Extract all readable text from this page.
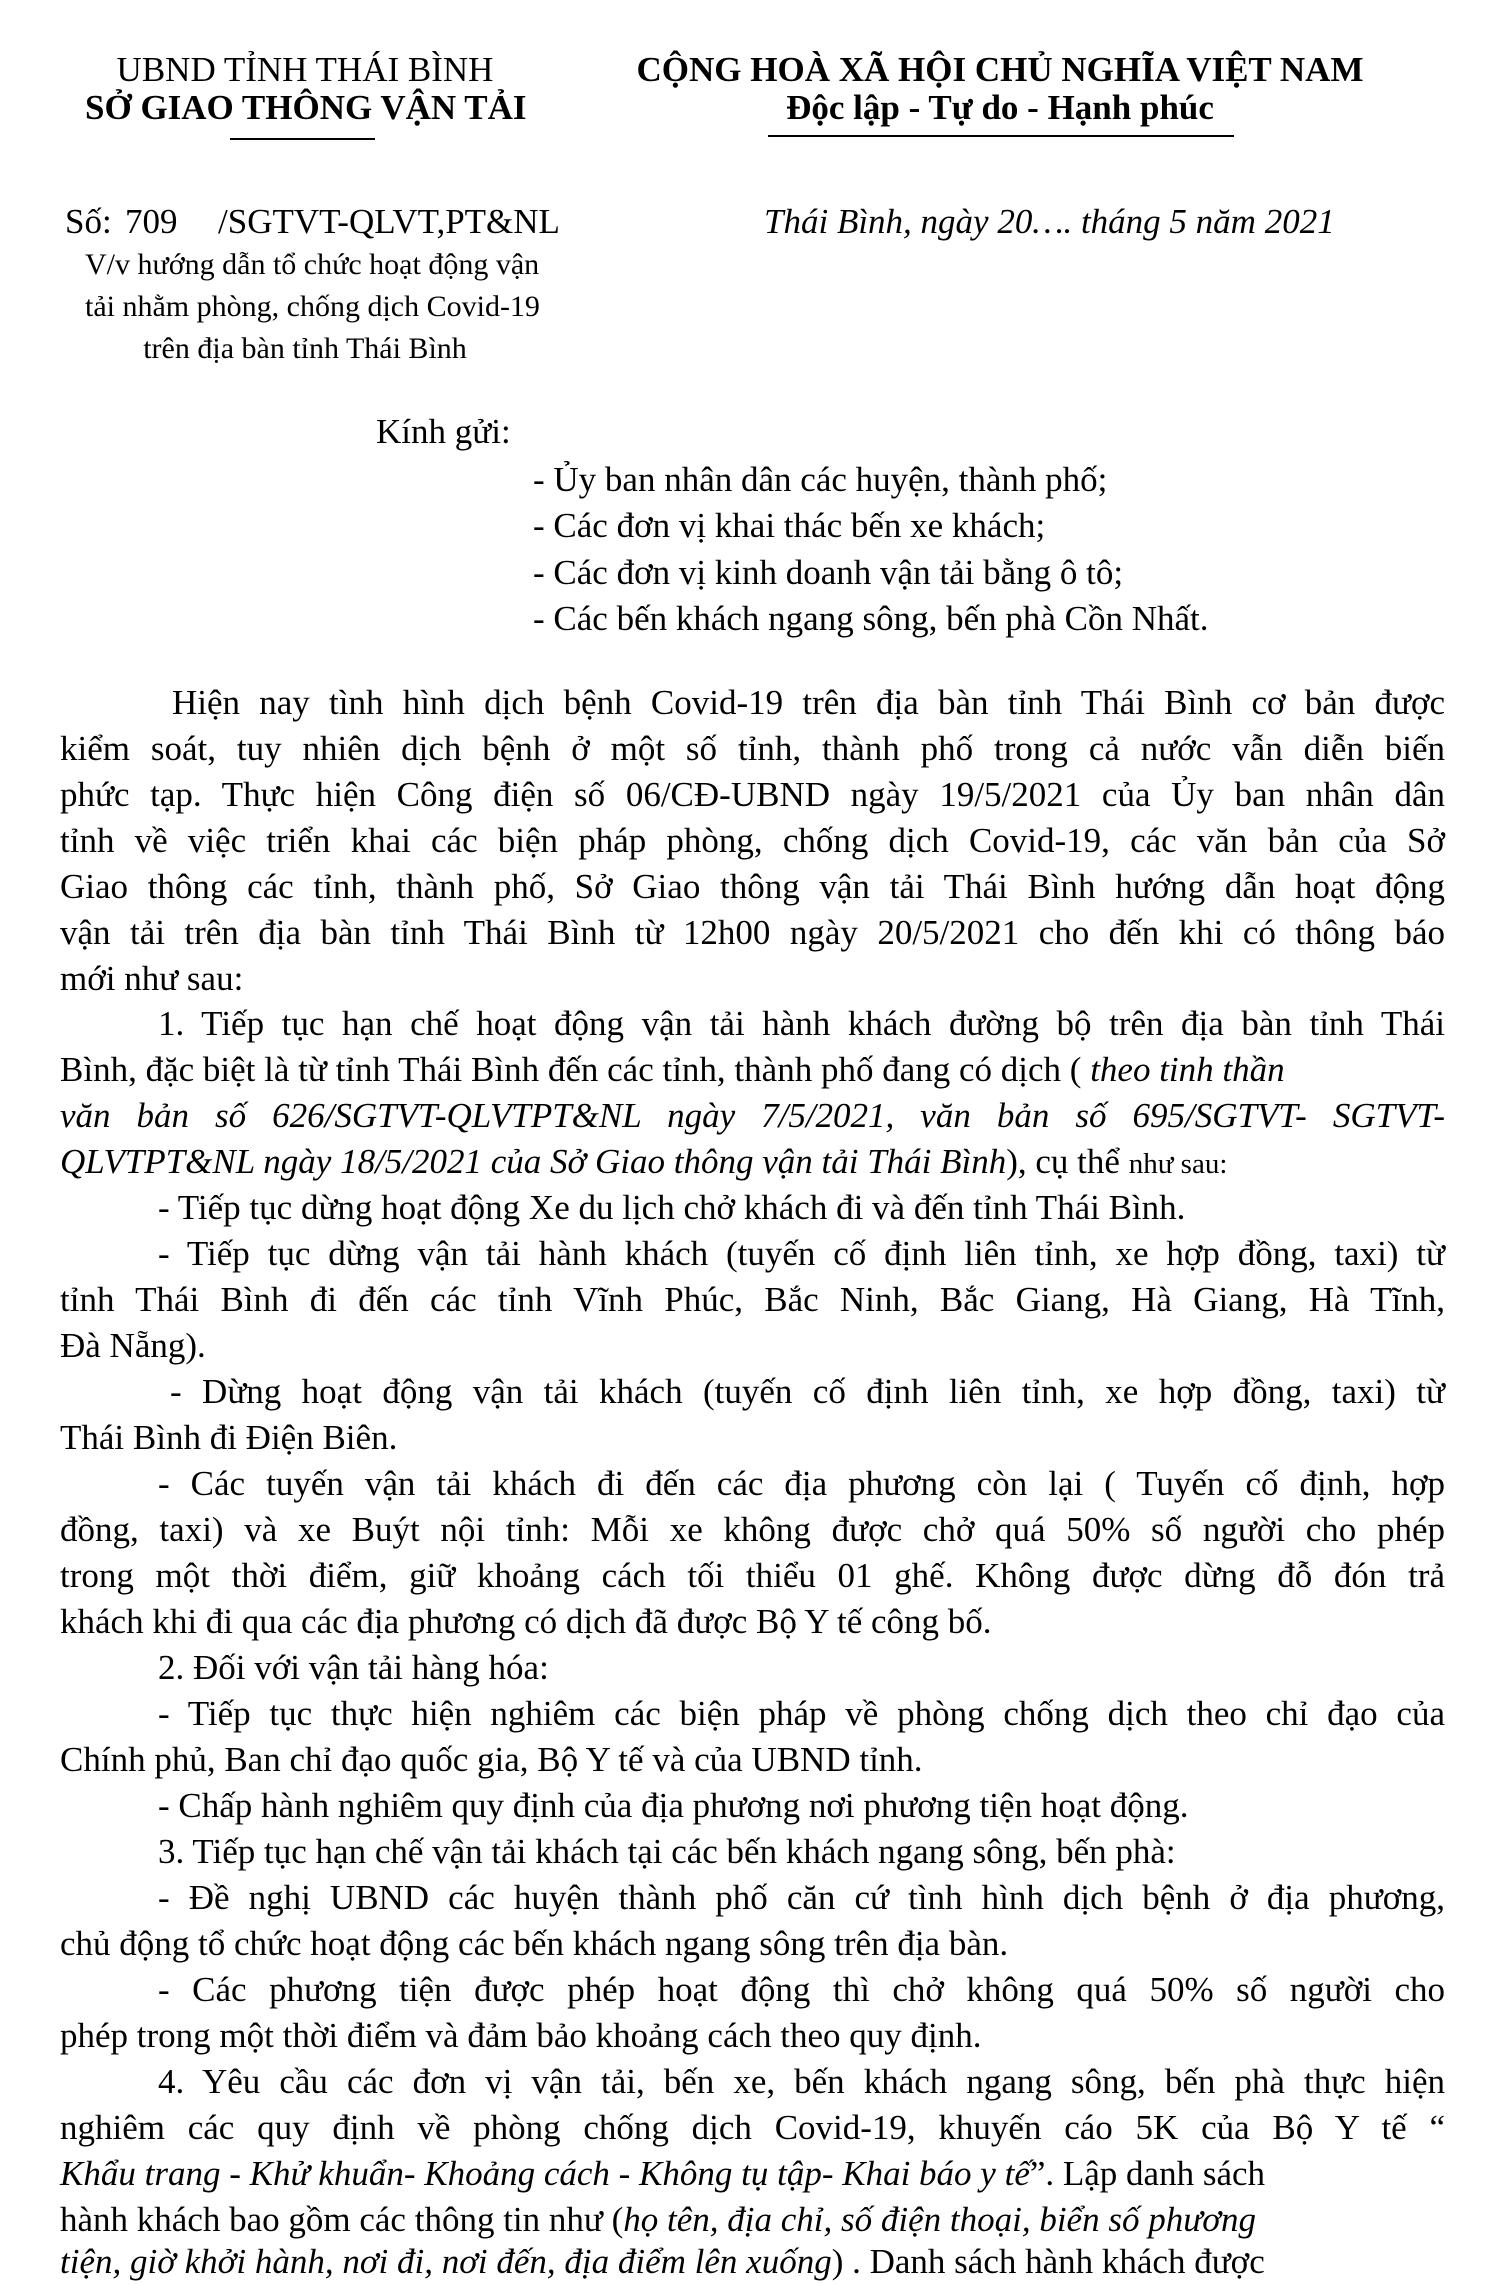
UBND TỈNH THÁI BÌNH
SỞ GIAO THÔNG VẬN TẢI
CỘNG HOÀ XÃ HỘI CHỦ NGHĨA VIỆT NAM
Độc lập - Tự do - Hạnh phúc
Số: 709 /SGTVT-QLVT,PT&NL	Thái Bình, ngày 20…. tháng 5 năm 2021
V/v hướng dẫn tổ chức hoạt động vận
tải nhằm phòng, chống dịch Covid-19
trên địa bàn tỉnh Thái Bình
Kính gửi:
- Ủy ban nhân dân các huyện, thành phố;
- Các đơn vị khai thác bến xe khách;
- Các đơn vị kinh doanh vận tải bằng ô tô;
- Các bến khách ngang sông, bến phà Cồn Nhất.
Hiện nay tình hình dịch bệnh Covid-19 trên địa bàn tỉnh Thái Bình cơ bản được
kiểm soát, tuy nhiên dịch bệnh ở một số tỉnh, thành phố trong cả nước vẫn diễn biến
phức tạp. Thực hiện Công điện số 06/CĐ-UBND ngày 19/5/2021 của Ủy ban nhân dân
tỉnh về việc triển khai các biện pháp phòng, chống dịch Covid-19, các văn bản của Sở
Giao thông các tỉnh, thành phố, Sở Giao thông vận tải Thái Bình hướng dẫn hoạt động
vận tải trên địa bàn tỉnh Thái Bình từ 12h00 ngày 20/5/2021 cho đến khi có thông báo
mới như sau:
1. Tiếp tục hạn chế hoạt động vận tải hành khách đường bộ trên địa bàn tỉnh Thái
Bình, đặc biệt là từ tỉnh Thái Bình đến các tỉnh, thành phố đang có dịch ( theo tinh thần
văn bản số 626/SGTVT-QLVTPT&NL ngày 7/5/2021, văn bản số 695/SGTVT- SGTVT-
QLVTPT&NL ngày 18/5/2021 của Sở Giao thông vận tải Thái Bình), cụ thể như sau:
- Tiếp tục dừng hoạt động Xe du lịch chở khách đi và đến tỉnh Thái Bình.
- Tiếp tục dừng vận tải hành khách (tuyến cố định liên tỉnh, xe hợp đồng, taxi) từ
tỉnh Thái Bình đi đến các tỉnh Vĩnh Phúc, Bắc Ninh, Bắc Giang, Hà Giang, Hà Tĩnh,
Đà Nẵng).
- Dừng hoạt động vận tải khách (tuyến cố định liên tỉnh, xe hợp đồng, taxi) từ
Thái Bình đi Điện Biên.
- Các tuyến vận tải khách đi đến các địa phương còn lại ( Tuyến cố định, hợp
đồng, taxi) và xe Buýt nội tỉnh: Mỗi xe không được chở quá 50% số người cho phép
trong một thời điểm, giữ khoảng cách tối thiểu 01 ghế. Không được dừng đỗ đón trả
khách khi đi qua các địa phương có dịch đã được Bộ Y tế công bố.
2. Đối với vận tải hàng hóa:
- Tiếp tục thực hiện nghiêm các biện pháp về phòng chống dịch theo chỉ đạo của
Chính phủ, Ban chỉ đạo quốc gia, Bộ Y tế và của UBND tỉnh.
- Chấp hành nghiêm quy định của địa phương nơi phương tiện hoạt động.
3. Tiếp tục hạn chế vận tải khách tại các bến khách ngang sông, bến phà:
- Đề nghị UBND các huyện thành phố căn cứ tình hình dịch bệnh ở địa phương,
chủ động tổ chức hoạt động các bến khách ngang sông trên địa bàn.
- Các phương tiện được phép hoạt động thì chở không quá 50% số người cho
phép trong một thời điểm và đảm bảo khoảng cách theo quy định.
4. Yêu cầu các đơn vị vận tải, bến xe, bến khách ngang sông, bến phà thực hiện
nghiêm các quy định về phòng chống dịch Covid-19, khuyến cáo 5K của Bộ Y tế “
Khẩu trang - Khử khuẩn- Khoảng cách - Không tụ tập- Khai báo y tế”. Lập danh sách
hành khách bao gồm các thông tin như (họ tên, địa chỉ, số điện thoại, biển số phương
tiện, giờ khởi hành, nơi đi, nơi đến, địa điểm lên xuống) . Danh sách hành khách được
